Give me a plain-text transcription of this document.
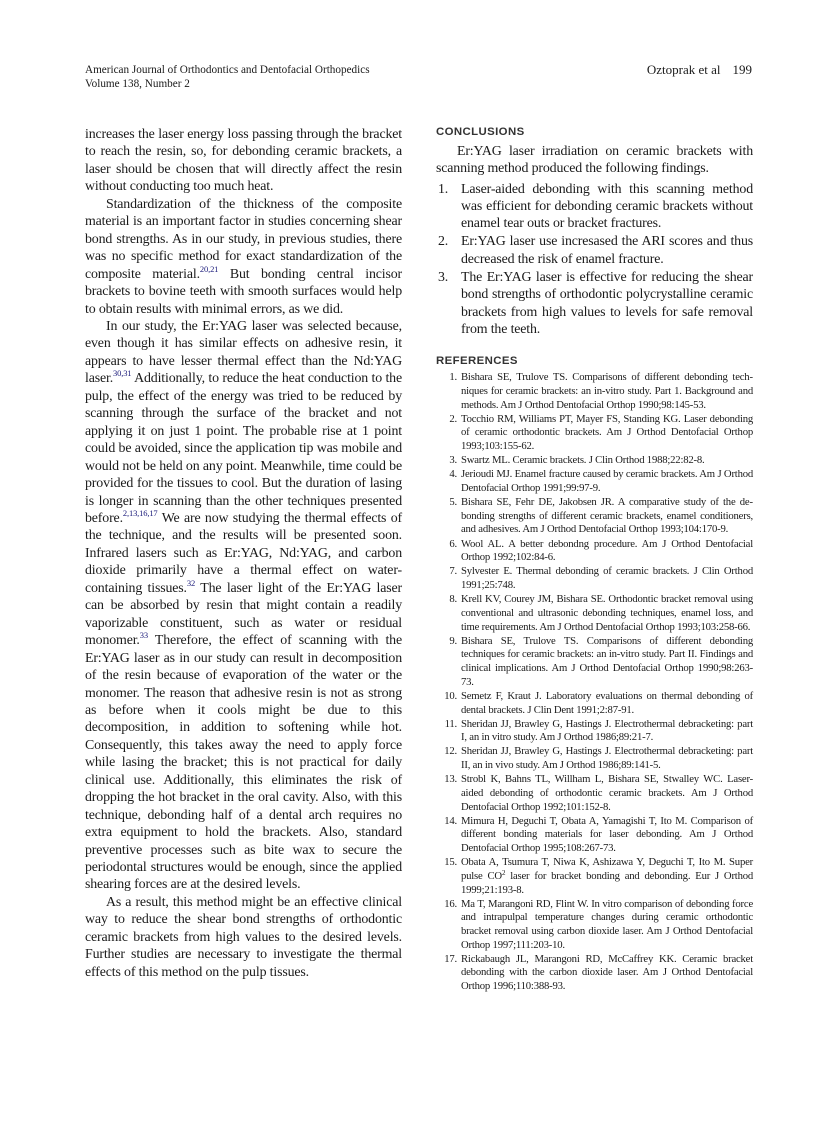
American Journal of Orthodontics and Dentofacial Orthopedics
Volume 138, Number 2
Oztoprak et al 199

increases the laser energy loss passing through the bracket to reach the resin, so, for debonding ceramic brackets, a laser should be chosen that will directly affect the resin without conducting too much heat.

Standardization of the thickness of the composite material is an important factor in studies concerning shear bond strengths. As in our study, in previous studies, there was no specific method for exact standardization of the composite material.$^{20,21}$ But bonding central incisor brackets to bovine teeth with smooth surfaces would help to obtain results with minimal errors, as we did.

In our study, the Er:YAG laser was selected because, even though it has similar effects on adhesive resin, it appears to have lesser thermal effect than the Nd:YAG laser.$^{30,31}$ Additionally, to reduce the heat conduction to the pulp, the effect of the energy was tried to be reduced by scanning through the surface of the bracket and not applying it on just 1 point. The probable rise at 1 point could be avoided, since the application tip was mobile and would not be held on any point. Meanwhile, time could be provided for the tissues to cool. But the duration of lasing is longer in scanning than the other techniques presented before.$^{2,13,16,17}$ We are now studying the thermal effects of the technique, and the results will be presented soon. Infrared lasers such as Er:YAG, Nd:YAG, and carbon dioxide primarily have a thermal effect on water-containing tissues.$^{32}$ The laser light of the Er:YAG laser can be absorbed by resin that might contain a readily vaporizable constituent, such as water or residual monomer.$^{33}$ Therefore, the effect of scanning with the Er:YAG laser as in our study can result in decomposition of the resin because of evaporation of the water or the monomer. The reason that adhesive resin is not as strong as before when it cools might be due to this decomposition, in addition to softening while hot. Consequently, this takes away the need to apply force while lasing the bracket; this is not practical for daily clinical use. Additionally, this eliminates the risk of dropping the hot bracket in the oral cavity. Also, with this technique, debonding half of a dental arch requires no extra equipment to hold the brackets. Also, standard preventive processes such as bite wax to secure the periodontal structures would be enough, since the applied shearing forces are at the desired levels.

As a result, this method might be an effective clinical way to reduce the shear bond strengths of orthodontic ceramic brackets from high values to the desired levels. Further studies are necessary to investigate the thermal effects of this method on the pulp tissues.

CONCLUSIONS

Er:YAG laser irradiation on ceramic brackets with scanning method produced the following findings.

1. Laser-aided debonding with this scanning method was efficient for debonding ceramic brackets without enamel tear outs or bracket fractures.
2. Er:YAG laser use incresased the ARI scores and thus decreased the risk of enamel fracture.
3. The Er:YAG laser is effective for reducing the shear bond strengths of orthodontic polycrystalline ceramic brackets from high values to levels for safe removal from the teeth.
REFERENCES
1. Bishara SE, Trulove TS. Comparisons of different debonding techniques for ceramic brackets: an in-vitro study. Part 1. Background and methods. Am J Orthod Dentofacial Orthop 1990;98:145-53.
2. Tocchio RM, Williams PT, Mayer FS, Standing KG. Laser debonding of ceramic orthodontic brackets. Am J Orthod Dentofacial Orthop 1993;103:155-62.
3. Swartz ML. Ceramic brackets. J Clin Orthod 1988;22:82-8.
4. Jerioudi MJ. Enamel fracture caused by ceramic brackets. Am J Orthod Dentofacial Orthop 1991;99:97-9.
5. Bishara SE, Fehr DE, Jakobsen JR. A comparative study of the debonding strengths of different ceramic brackets, enamel conditioners, and adhesives. Am J Orthod Dentofacial Orthop 1993;104:170-9.
6. Wool AL. A better debondng procedure. Am J Orthod Dentofacial Orthop 1992;102:84-6.
7. Sylvester E. Thermal debonding of ceramic brackets. J Clin Orthod 1991;25:748.
8. Krell KV, Courey JM, Bishara SE. Orthodontic bracket removal using conventional and ultrasonic debonding techniques, enamel loss, and time requirements. Am J Orthod Dentofacial Orthop 1993;103:258-66.
9. Bishara SE, Trulove TS. Comparisons of different debonding techniques for ceramic brackets: an in-vitro study. Part II. Findings and clinical implications. Am J Orthod Dentofacial Orthop 1990;98:263-73.
10. Semetz F, Kraut J. Laboratory evaluations on thermal debonding of dental brackets. J Clin Dent 1991;2:87-91.
11. Sheridan JJ, Brawley G, Hastings J. Electrothermal debracketing: part I, an in vitro study. Am J Orthod 1986;89:21-7.
12. Sheridan JJ, Brawley G, Hastings J. Electrothermal debracketing: part II, an in vivo study. Am J Orthod 1986;89:141-5.
13. Strobl K, Bahns TL, Willham L, Bishara SE, Stwalley WC. Laser-aided debonding of orthodontic ceramic brackets. Am J Orthod Dentofacial Orthop 1992;101:152-8.
14. Mimura H, Deguchi T, Obata A, Yamagishi T, Ito M. Comparison of different bonding materials for laser debonding. Am J Orthod Dentofacial Orthop 1995;108:267-73.
15. Obata A, Tsumura T, Niwa K, Ashizawa Y, Deguchi T, Ito M. Super pulse $CO^2$ laser for bracket bonding and debonding. Eur J Orthod 1999;21:193-8.
16. Ma T, Marangoni RD, Flint W. In vitro comparison of debonding force and intrapulpal temperature changes during ceramic orthodontic bracket removal using carbon dioxide laser. Am J Orthod Dentofacial Orthop 1997;111:203-10.
17. Rickabaugh JL, Marangoni RD, McCaffrey KK. Ceramic bracket debonding with the carbon dioxide laser. Am J Orthod Dentofacial Orthop 1996;110:388-93.
